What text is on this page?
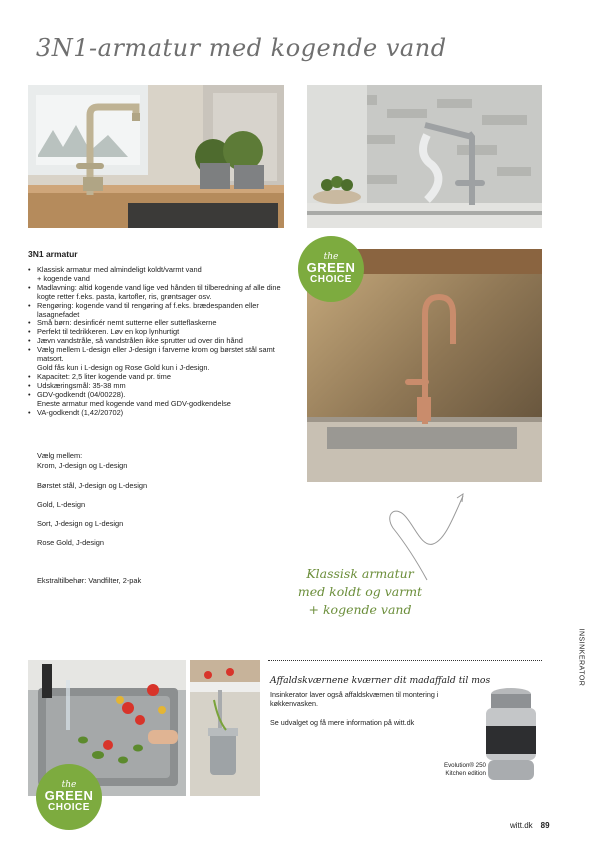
3N1-armatur med kogende vand
3N1 armatur
• Klassisk armatur med almindeligt koldt/varmt vand
+ kogende vand
• Madlavning: altid kogende vand lige ved hånden til tilberedning af alle dine kogte retter f.eks. pasta, kartofler, ris, grøntsager osv.
• Rengøring: kogende vand til rengøring af f.eks. brædespanden eller lasagnefadet
• Små børn: desinficér nemt sutterne eller sutteflaskerne
• Perfekt til tedrikkeren. Løv en kop lynhurtigt
• Jævn vandstråle, så vandstrålen ikke sprutter ud over din hånd
• Vælg mellem L-design eller J-design i farverne krom og børstet stål samt matsort.
Gold fås kun i L-design og Rose Gold kun i J-design.
• Kapacitet: 2,5 liter kogende vand pr. time
• Udskæringsmål: 35-38 mm
• GDV-godkendt (04/00228).
Eneste armatur med kogende vand med GDV-godkendelse
• VA-godkendt (1,42/20702)
Vælg mellem:
Krom, J-design og L-design
Børstet stål, J-design og L-design
Gold, L-design
Sort, J-design og L-design
Rose Gold, J-design
Ekstraltilbehør: Vandfilter, 2-pak
the
GREEN
CHOICE
Klassisk armatur
med koldt og varmt
+ kogende vand
the
GREEN
CHOICE
Affaldskværnene kværner dit madaffald til mos
Insinkerator laver også affaldskværnen til montering i køkkenvasken.
Se udvalget og få mere information på witt.dk
Evolution® 250
Kitchen edition
INSINKERATOR
witt.dk 89
